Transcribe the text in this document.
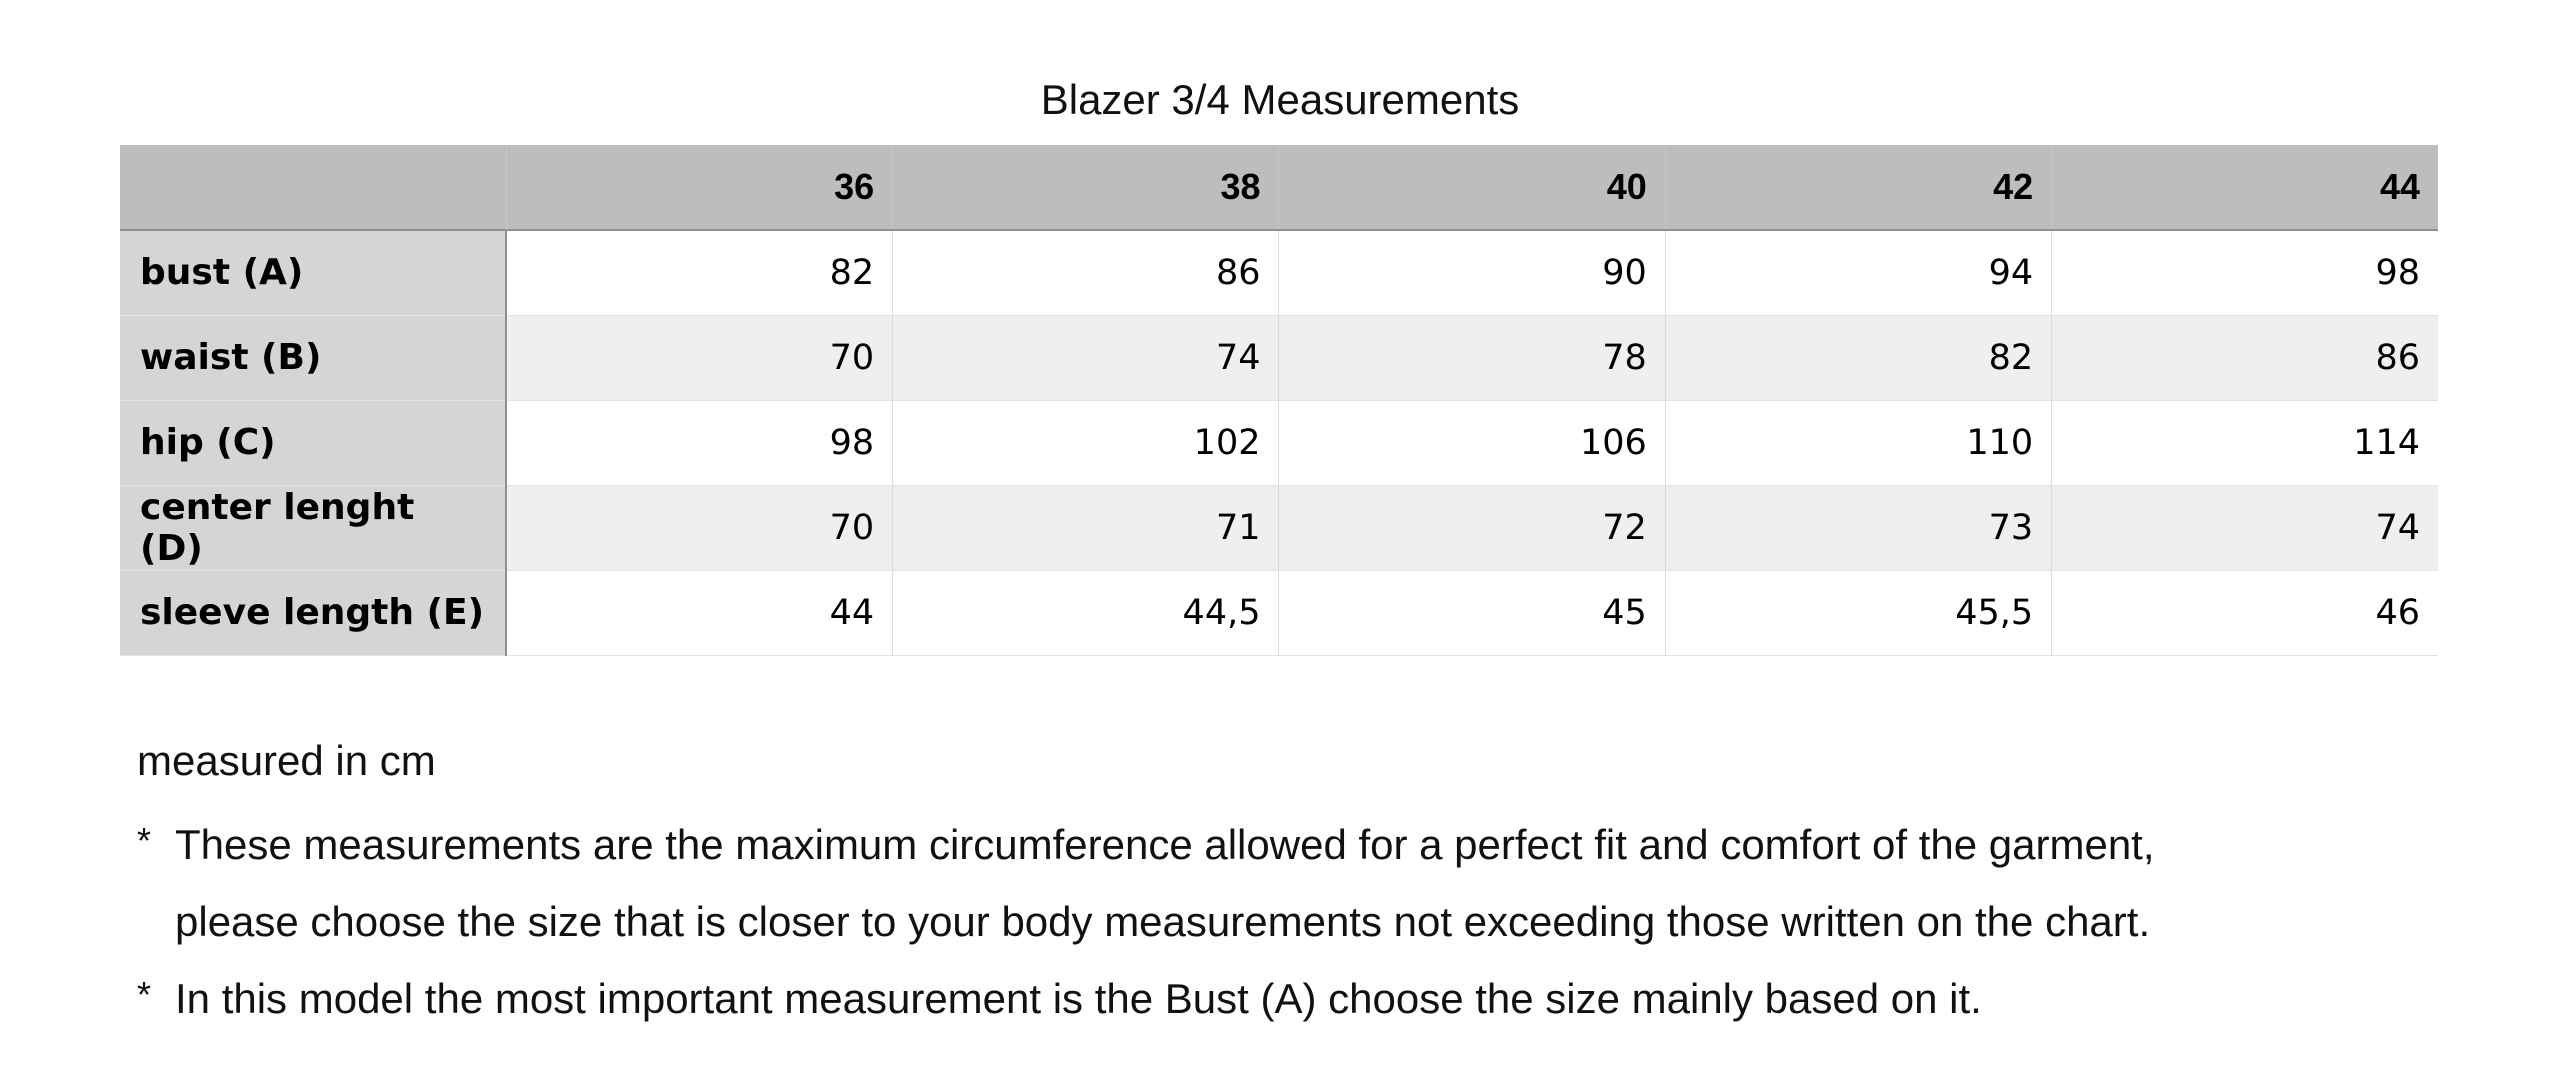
Blazer 3/4 Measurements
	36	38	40	42	44
bust (A)	82	86	90	94	98
waist (B)	70	74	78	82	86
hip (C)	98	102	106	110	114
center lenght (D)	70	71	72	73	74
sleeve length (E)	44	44,5	45	45,5	46
measured in cm
* These measurements are the maximum circumference allowed for a perfect fit and comfort of the garment,
please choose the size that is closer to your body measurements not exceeding those written on the chart.
* In this model the most important measurement is the Bust (A) choose the size mainly based on it.
